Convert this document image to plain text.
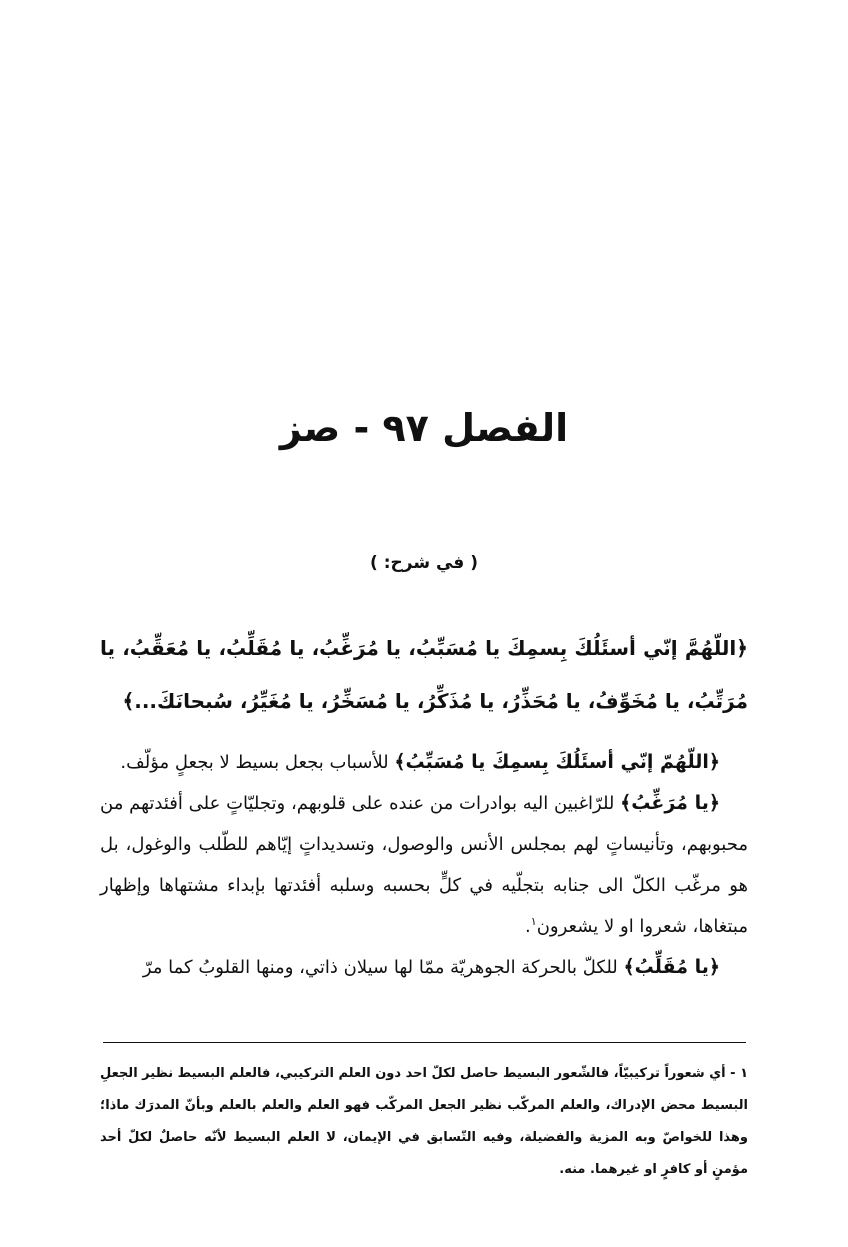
الفصل ٩٧ - صز
( في شرح: )
﴿اللّهُمَّ إنّي أسئَلُكَ بِسمِكَ يا مُسَبِّبُ، يا مُرَغِّبُ، يا مُقَلِّبُ، يا مُعَقِّبُ، يا مُرَتِّبُ، يا مُخَوِّفُ، يا مُحَذِّرُ، يا مُذَكِّرُ، يا مُسَخِّرُ، يا مُغَيِّرُ، سُبحانَكَ...﴾

﴿اللّهُمّ إنّي أسئَلُكَ بِسمِكَ يا مُسَبِّبُ﴾ للأسباب بجعل بسيط لا بجعلٍ مؤلّف.

﴿يا مُرَغِّبُ﴾ للرّاغبين اليه بوادرات من عنده على قلوبهم، وتجليّاتٍ على أفئدتهم من محبوبهم، وتأنيساتٍ لهم بمجلس الأنس والوصول، وتسديداتٍ إيّاهم للطّلب والوغول، بل هو مرغّب الكلّ الى جنابه بتجلّيه في كلٍّ بحسبه وسلبه أفئدتها بإبداء مشتهاها وإظهار مبتغاها، شعروا او لا يشعرون$^١$.

﴿يا مُقَلِّبُ﴾ للكلّ بالحركة الجوهريّة ممّا لها سيلان ذاتي، ومنها القلوبُ كما مرّ

١ - أي شعوراً تركيبيّاً، فالشّعور البسيط حاصل لكلّ احد دون العلم التركيبي، فالعلم البسيط نظير الجعلِ البسيط محض الإدراك، والعلم المركّب نظير الجعل المركّب فهو العلم والعلم بالعلم وبأنّ المدرَك ماذا؛ وهذا للخواصّ وبه المزية والفضيلة، وفيه التّسابق في الإيمان، لا العلم البسيط لأنّه حاصلٌ لكلّ أحد مؤمنٍ أو كافرٍ او غيرهما. منه.
